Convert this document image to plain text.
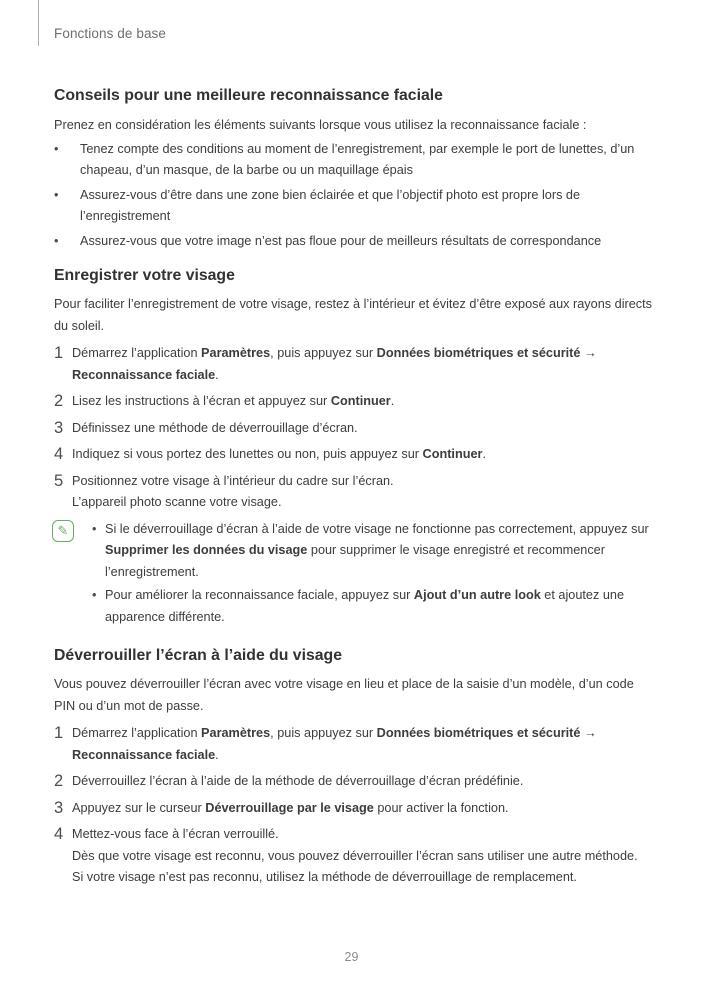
Fonctions de base
Conseils pour une meilleure reconnaissance faciale

Prenez en considération les éléments suivants lorsque vous utilisez la reconnaissance faciale :

•	Tenez compte des conditions au moment de l’enregistrement, par exemple le port de lunettes, d’un chapeau, d’un masque, de la barbe ou un maquillage épais
•	Assurez-vous d’être dans une zone bien éclairée et que l’objectif photo est propre lors de l’enregistrement
•	Assurez-vous que votre image n’est pas floue pour de meilleurs résultats de correspondance
Enregistrer votre visage

Pour faciliter l’enregistrement de votre visage, restez à l’intérieur et évitez d’être exposé aux rayons directs du soleil.

1 Démarrez l’application Paramètres, puis appuyez sur Données biométriques et sécurité → Reconnaissance faciale.
2 Lisez les instructions à l’écran et appuyez sur Continuer.
3 Définissez une méthode de déverrouillage d’écran.
4 Indiquez si vous portez des lunettes ou non, puis appuyez sur Continuer.
5 Positionnez votre visage à l’intérieur du cadre sur l’écran.
L’appareil photo scanne votre visage.
✎ • Si le déverrouillage d’écran à l’aide de votre visage ne fonctionne pas correctement, appuyez sur Supprimer les données du visage pour supprimer le visage enregistré et recommencer l’enregistrement.
• Pour améliorer la reconnaissance faciale, appuyez sur Ajout d’un autre look et ajoutez une apparence différente.
Déverrouiller l’écran à l’aide du visage

Vous pouvez déverrouiller l’écran avec votre visage en lieu et place de la saisie d’un modèle, d’un code PIN ou d’un mot de passe.

1 Démarrez l’application Paramètres, puis appuyez sur Données biométriques et sécurité → Reconnaissance faciale.
2 Déverrouillez l’écran à l’aide de la méthode de déverrouillage d’écran prédéfinie.
3 Appuyez sur le curseur Déverrouillage par le visage pour activer la fonction.
4 Mettez-vous face à l’écran verrouillé.
Dès que votre visage est reconnu, vous pouvez déverrouiller l’écran sans utiliser une autre méthode. Si votre visage n’est pas reconnu, utilisez la méthode de déverrouillage de remplacement.
29
